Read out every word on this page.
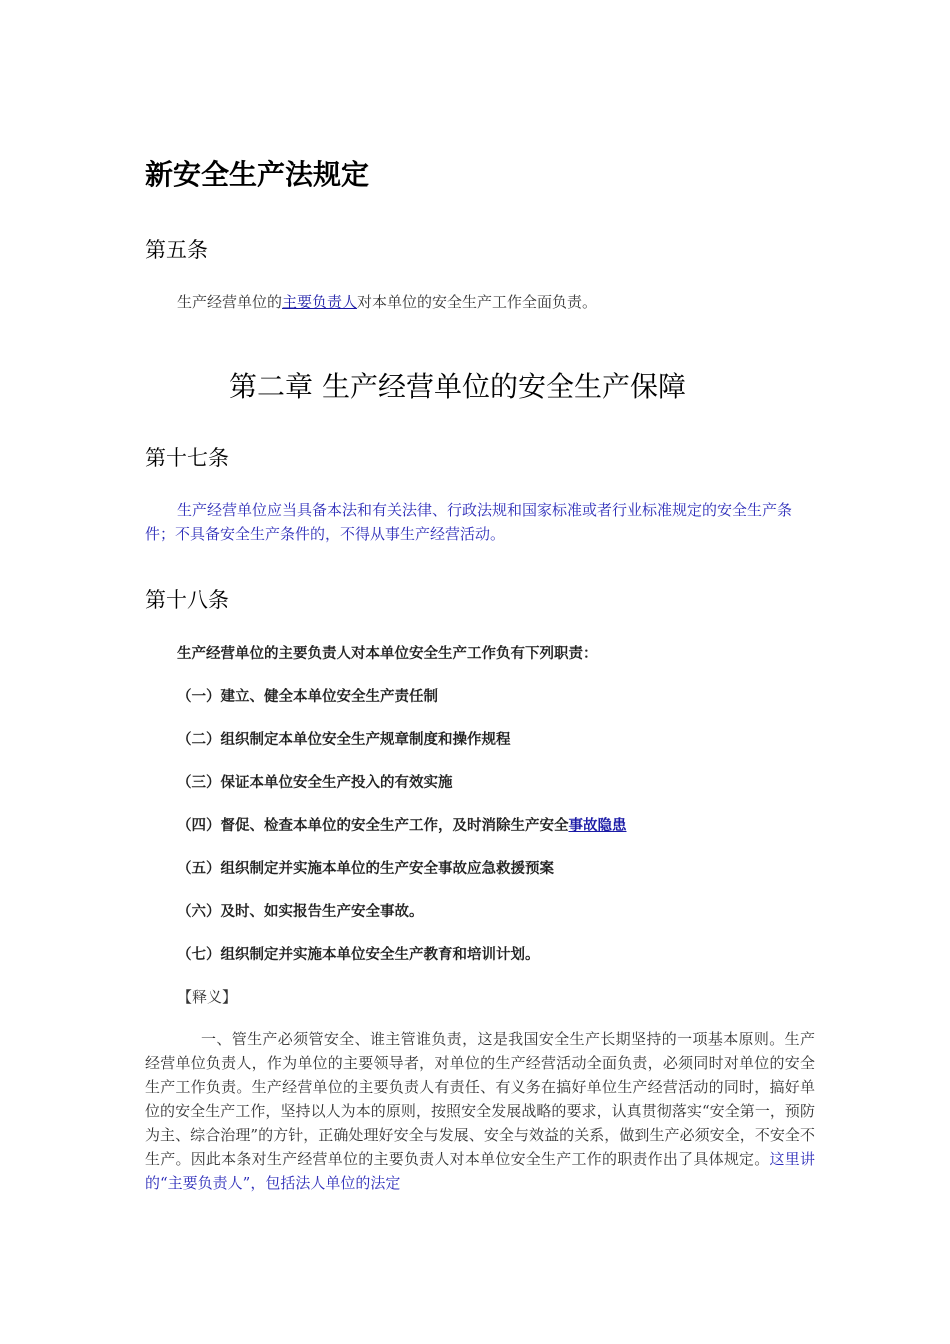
新安全生产法规定
第五条

生产经营单位的主要负责人对本单位的安全生产工作全面负责。

第二章 生产经营单位的安全生产保障
第十七条

生产经营单位应当具备本法和有关法律、行政法规和国家标准或者行业标准规定的安全生产条件；不具备安全生产条件的，不得从事生产经营活动。

第十八条

生产经营单位的主要负责人对本单位安全生产工作负有下列职责：

（一）建立、健全本单位安全生产责任制

（二）组织制定本单位安全生产规章制度和操作规程

（三）保证本单位安全生产投入的有效实施

（四）督促、检查本单位的安全生产工作，及时消除生产安全事故隐患

（五）组织制定并实施本单位的生产安全事故应急救援预案

（六）及时、如实报告生产安全事故。

（七）组织制定并实施本单位安全生产教育和培训计划。

【释义】

一、管生产必须管安全、谁主管谁负责，这是我国安全生产长期坚持的一项基本原则。生产经营单位负责人，作为单位的主要领导者，对单位的生产经营活动全面负责，必须同时对单位的安全生产工作负责。生产经营单位的主要负责人有责任、有义务在搞好单位生产经营活动的同时，搞好单位的安全生产工作，坚持以人为本的原则，按照安全发展战略的要求，认真贯彻落实“安全第一，预防为主、综合治理”的方针，正确处理好安全与发展、安全与效益的关系，做到生产必须安全，不安全不生产。因此本条对生产经营单位的主要负责人对本单位安全生产工作的职责作出了具体规定。这里讲的“主要负责人”，包括法人单位的法定
